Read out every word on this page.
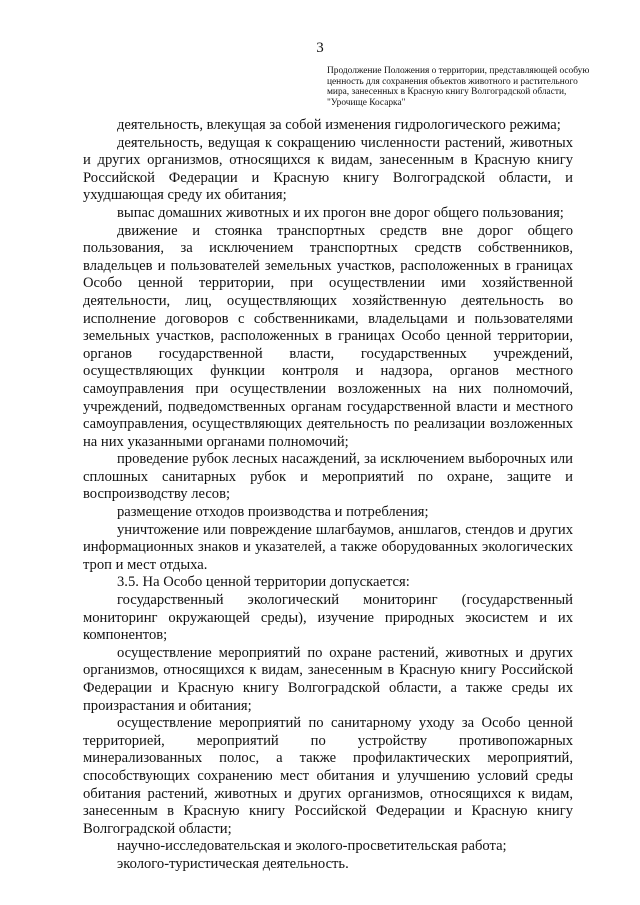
3
Продолжение Положения о территории, представляющей особую
ценность для сохранения объектов животного и растительного
мира, занесенных в Красную книгу Волгоградской области,
"Урочище Косарка"

деятельность, влекущая за собой изменения гидрологического режима;

деятельность, ведущая к сокращению численности растений, животных и других организмов, относящихся к видам, занесенным в Красную книгу Российской Федерации и Красную книгу Волгоградской области, и ухудшающая среду их обитания;

выпас домашних животных и их прогон вне дорог общего пользования;

движение и стоянка транспортных средств вне дорог общего пользования, за исключением транспортных средств собственников, владельцев и пользователей земельных участков, расположенных в границах Особо ценной территории, при осуществлении ими хозяйственной деятельности, лиц, осуществляющих хозяйственную деятельность во исполнение договоров с собственниками, владельцами и пользователями земельных участков, расположенных в границах Особо ценной территории, органов государственной власти, государственных учреждений, осуществляющих функции контроля и надзора, органов местного самоуправления при осуществлении возложенных на них полномочий, учреждений, подведомственных органам государственной власти и местного самоуправления, осуществляющих деятельность по реализации возложенных на них указанными органами полномочий;

проведение рубок лесных насаждений, за исключением выборочных или сплошных санитарных рубок и мероприятий по охране, защите и воспроизводству лесов;

размещение отходов производства и потребления;

уничтожение или повреждение шлагбаумов, аншлагов, стендов и других информационных знаков и указателей, а также оборудованных экологических троп и мест отдыха.

3.5. На Особо ценной территории допускается:

государственный экологический мониторинг (государственный мониторинг окружающей среды), изучение природных экосистем и их компонентов;

осуществление мероприятий по охране растений, животных и других организмов, относящихся к видам, занесенным в Красную книгу Российской Федерации и Красную книгу Волгоградской области, а также среды их произрастания и обитания;

осуществление мероприятий по санитарному уходу за Особо ценной территорией, мероприятий по устройству противопожарных минерализованных полос, а также профилактических мероприятий, способствующих сохранению мест обитания и улучшению условий среды обитания растений, животных и других организмов, относящихся к видам, занесенным в Красную книгу Российской Федерации и Красную книгу Волгоградской области;

научно-исследовательская и эколого-просветительская работа;

эколого-туристическая деятельность.
